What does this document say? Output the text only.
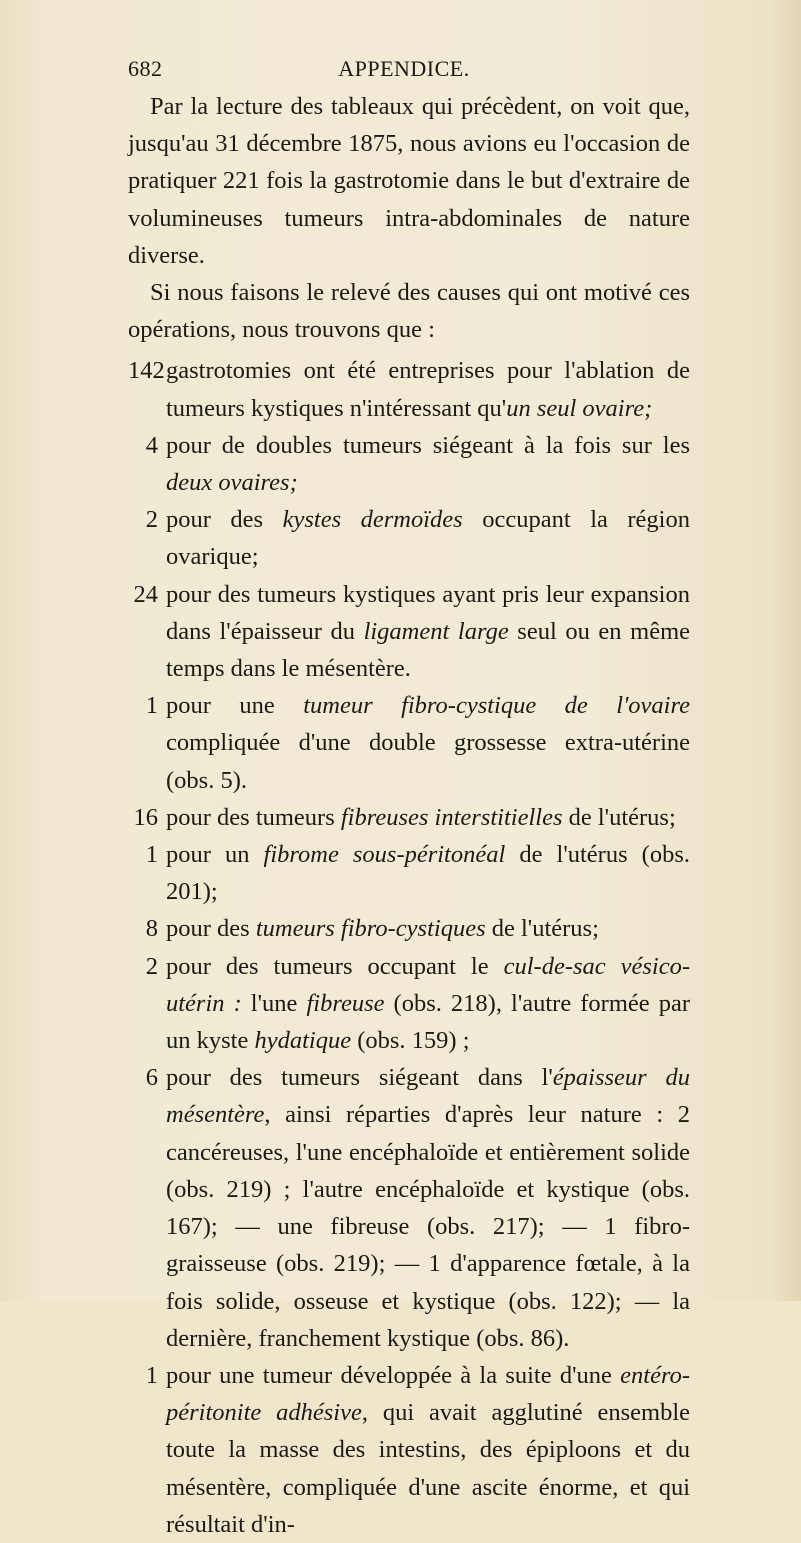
682	APPENDICE.

Par la lecture des tableaux qui précèdent, on voit que, jusqu'au 31 décembre 1875, nous avions eu l'occasion de pratiquer 221 fois la gastrotomie dans le but d'extraire de volumineuses tumeurs intra-abdominales de nature diverse.

Si nous faisons le relevé des causes qui ont motivé ces opérations, nous trouvons que :

142 gastrotomies ont été entreprises pour l'ablation de tumeurs kystiques n'intéressant qu'un seul ovaire;
4 pour de doubles tumeurs siégeant à la fois sur les deux ovaires;
2 pour des kystes dermoïdes occupant la région ovarique;
24 pour des tumeurs kystiques ayant pris leur expansion dans l'épaisseur du ligament large seul ou en même temps dans le mésentère.
1 pour une tumeur fibro-cystique de l'ovaire compliquée d'une double grossesse extra-utérine (obs. 5).
16 pour des tumeurs fibreuses interstitielles de l'utérus;
1 pour un fibrome sous-péritonéal de l'utérus (obs. 201);
8 pour des tumeurs fibro-cystiques de l'utérus;
2 pour des tumeurs occupant le cul-de-sac vésico-utérin : l'une fibreuse (obs. 218), l'autre formée par un kyste hydatique (obs. 159) ;
6 pour des tumeurs siégeant dans l'épaisseur du mésentère, ainsi réparties d'après leur nature : 2 cancéreuses, l'une encéphaloïde et entièrement solide (obs. 219) ; l'autre encéphaloïde et kystique (obs. 167); — une fibreuse (obs. 217); — 1 fibro-graisseuse (obs. 219); — 1 d'apparence fœtale, à la fois solide, osseuse et kystique (obs. 122); — la dernière, franchement kystique (obs. 86).
1 pour une tumeur développée à la suite d'une entéro-péritonite adhésive, qui avait agglutiné ensemble toute la masse des intestins, des épiploons et du mésentère, compliquée d'une ascite énorme, et qui résultait d'in-
